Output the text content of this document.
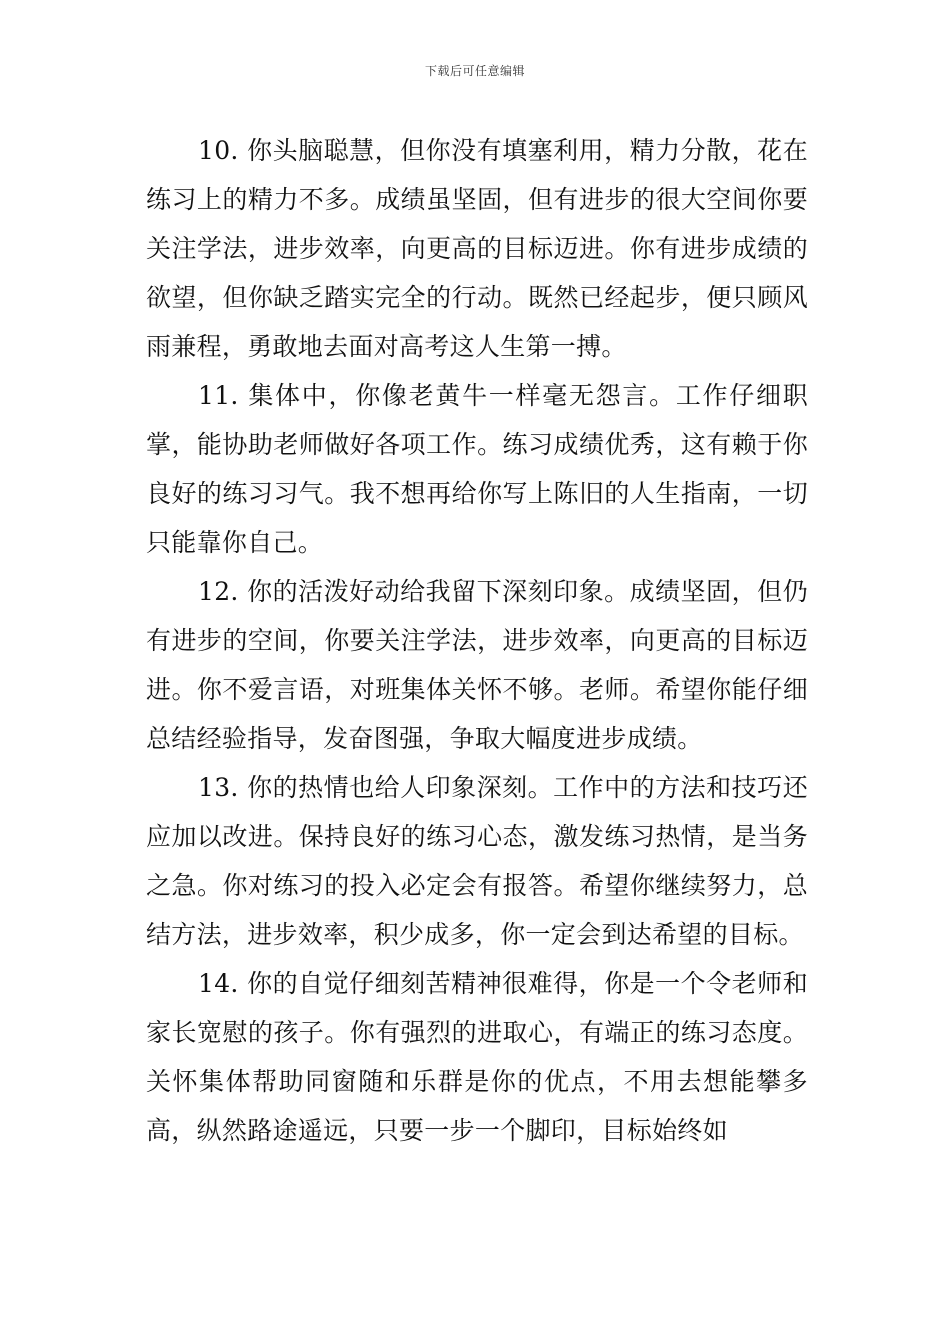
下载后可任意编辑

10. 你头脑聪慧，但你没有填塞利用，精力分散，花在练习上的精力不多。成绩虽坚固，但有进步的很大空间你要关注学法，进步效率，向更高的目标迈进。你有进步成绩的欲望，但你缺乏踏实完全的行动。既然已经起步，便只顾风雨兼程，勇敢地去面对高考这人生第一搏。

11. 集体中，你像老黄牛一样毫无怨言。工作仔细职掌，能协助老师做好各项工作。练习成绩优秀，这有赖于你良好的练习习气。我不想再给你写上陈旧的人生指南，一切只能靠你自己。

12. 你的活泼好动给我留下深刻印象。成绩坚固，但仍有进步的空间，你要关注学法，进步效率，向更高的目标迈进。你不爱言语，对班集体关怀不够。老师。希望你能仔细总结经验指导，发奋图强，争取大幅度进步成绩。

13. 你的热情也给人印象深刻。工作中的方法和技巧还应加以改进。保持良好的练习心态，激发练习热情，是当务之急。你对练习的投入必定会有报答。希望你继续努力，总结方法，进步效率，积少成多，你一定会到达希望的目标。

14. 你的自觉仔细刻苦精神很难得，你是一个令老师和家长宽慰的孩子。你有强烈的进取心，有端正的练习态度。关怀集体帮助同窗随和乐群是你的优点，不用去想能攀多高，纵然路途遥远，只要一步一个脚印，目标始终如
